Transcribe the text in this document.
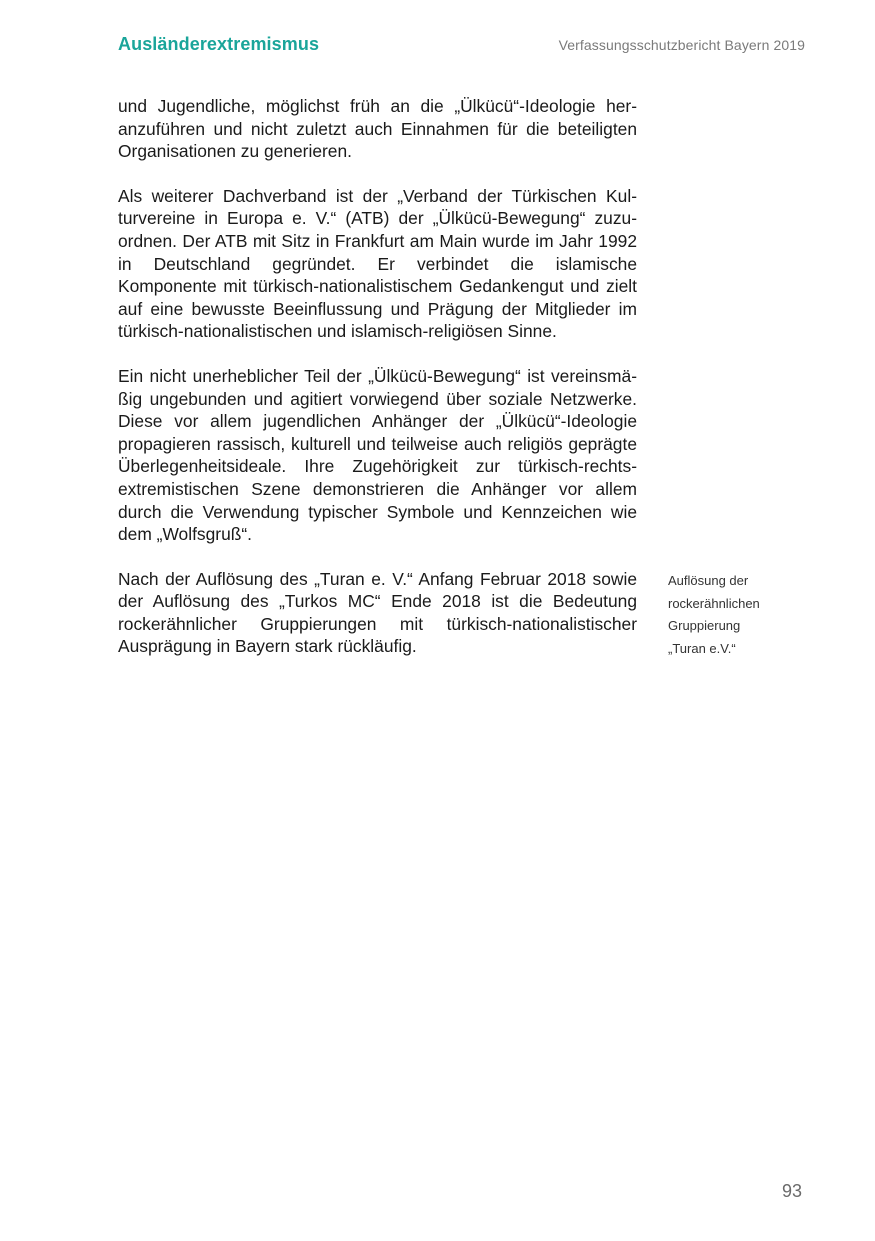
Ausländerextremismus	Verfassungsschutzbericht Bayern 2019

und Jugendliche, möglichst früh an die „Ülkücü“-Ideologie heranzuführen und nicht zuletzt auch Einnahmen für die beteiligten Organisationen zu generieren.

Als weiterer Dachverband ist der „Verband der Türkischen Kulturvereine in Europa e. V.“ (ATB) der „Ülkücü-Bewegung“ zuzuordnen. Der ATB mit Sitz in Frankfurt am Main wurde im Jahr 1992 in Deutschland gegründet. Er verbindet die islamische Komponente mit türkisch-nationalistischem Gedankengut und zielt auf eine bewusste Beeinflussung und Prägung der Mitglieder im türkisch-nationalistischen und islamisch-religiösen Sinne.

Ein nicht unerheblicher Teil der „Ülkücü-Bewegung“ ist vereinsmäßig ungebunden und agitiert vorwiegend über soziale Netzwerke. Diese vor allem jugendlichen Anhänger der „Ülkücü“-Ideologie propagieren rassisch, kulturell und teilweise auch religiös geprägte Überlegenheitsideale. Ihre Zugehörigkeit zur türkisch-rechtsextremistischen Szene demonstrieren die Anhänger vor allem durch die Verwendung typischer Symbole und Kennzeichen wie dem „Wolfsgruß“.

Nach der Auflösung des „Turan e. V.“ Anfang Februar 2018 sowie der Auflösung des „Turkos MC“ Ende 2018 ist die Bedeutung rockerähnlicher Gruppierungen mit türkisch-nationalistischer Ausprägung in Bayern stark rückläufig.

Auflösung der
rockerähnlichen
Gruppierung
„Turan e.V.“
93
